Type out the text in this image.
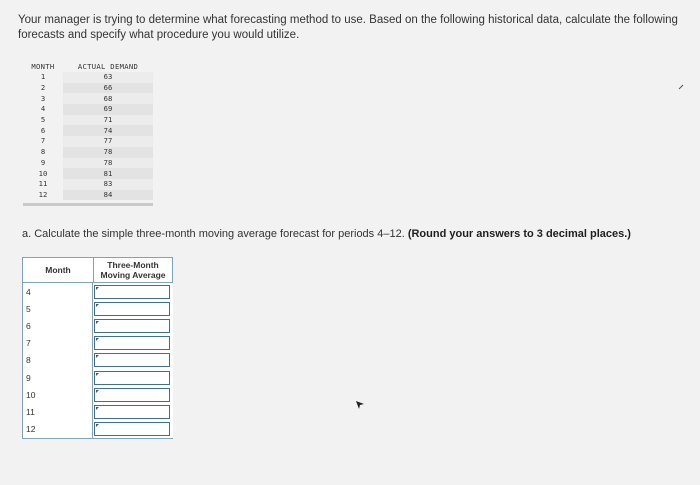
Your manager is trying to determine what forecasting method to use. Based on the following historical data, calculate the following forecasts and specify what procedure you would utilize.
MONTH	ACTUAL DEMAND
1	63
2	66
3	68
4	69
5	71
6	74
7	77
8	78
9	78
10	81
11	83
12	84
a. Calculate the simple three-month moving average forecast for periods 4–12. (Round your answers to 3 decimal places.)
Month	Three-Month
Moving Average
4		

5		

6		

7		

8		

9		

10		

11		

12		
